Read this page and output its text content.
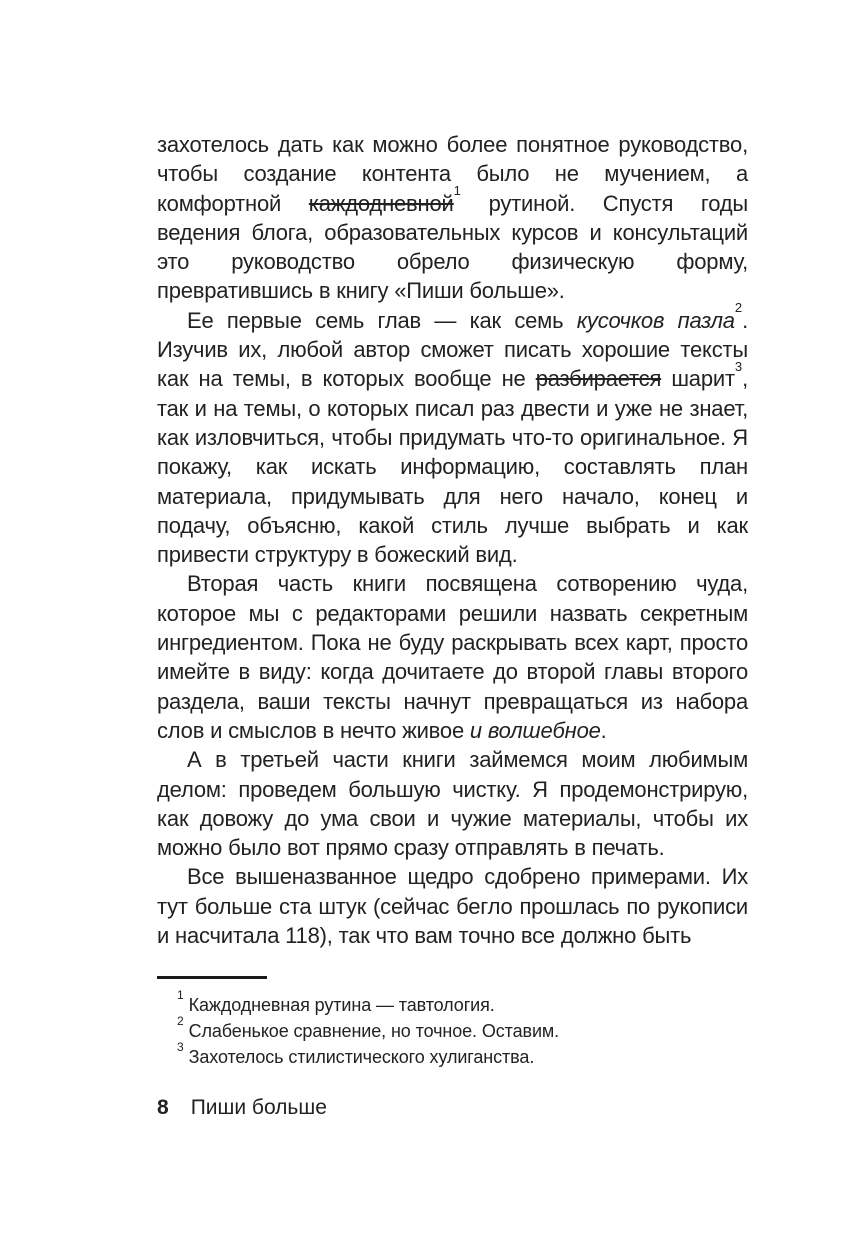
захотелось дать как можно более понятное руководство, чтобы создание контента было не мучением, а комфортной каждодневной$^1$ рутиной. Спустя годы ведения блога, образовательных курсов и консультаций это руководство обрело физическую форму, превратившись в книгу «Пиши больше».

Ее первые семь глав — как семь кусочков пазла$^2$. Изучив их, любой автор сможет писать хорошие тексты как на темы, в которых вообще не разбирается шарит$^3$, так и на темы, о которых писал раз двести и уже не знает, как изловчиться, чтобы придумать что-то оригинальное. Я покажу, как искать информацию, составлять план материала, придумывать для него начало, конец и подачу, объясню, какой стиль лучше выбрать и как привести структуру в божеский вид.

Вторая часть книги посвящена сотворению чуда, которое мы с редакторами решили назвать секретным ингредиентом. Пока не буду раскрывать всех карт, просто имейте в виду: когда дочитаете до второй главы второго раздела, ваши тексты начнут превращаться из набора слов и смыслов в нечто живое и волшебное.

А в третьей части книги займемся моим любимым делом: проведем большую чистку. Я продемонстрирую, как довожу до ума свои и чужие материалы, чтобы их можно было вот прямо сразу отправлять в печать.

Все вышеназванное щедро сдобрено примерами. Их тут больше ста штук (сейчас бегло прошлась по рукописи и насчитала 118), так что вам точно все должно быть

$^1$ Каждодневная рутина — тавтология.
$^2$ Слабенькое сравнение, но точное. Оставим.
$^3$ Захотелось стилистического хулиганства.
8 Пиши больше
